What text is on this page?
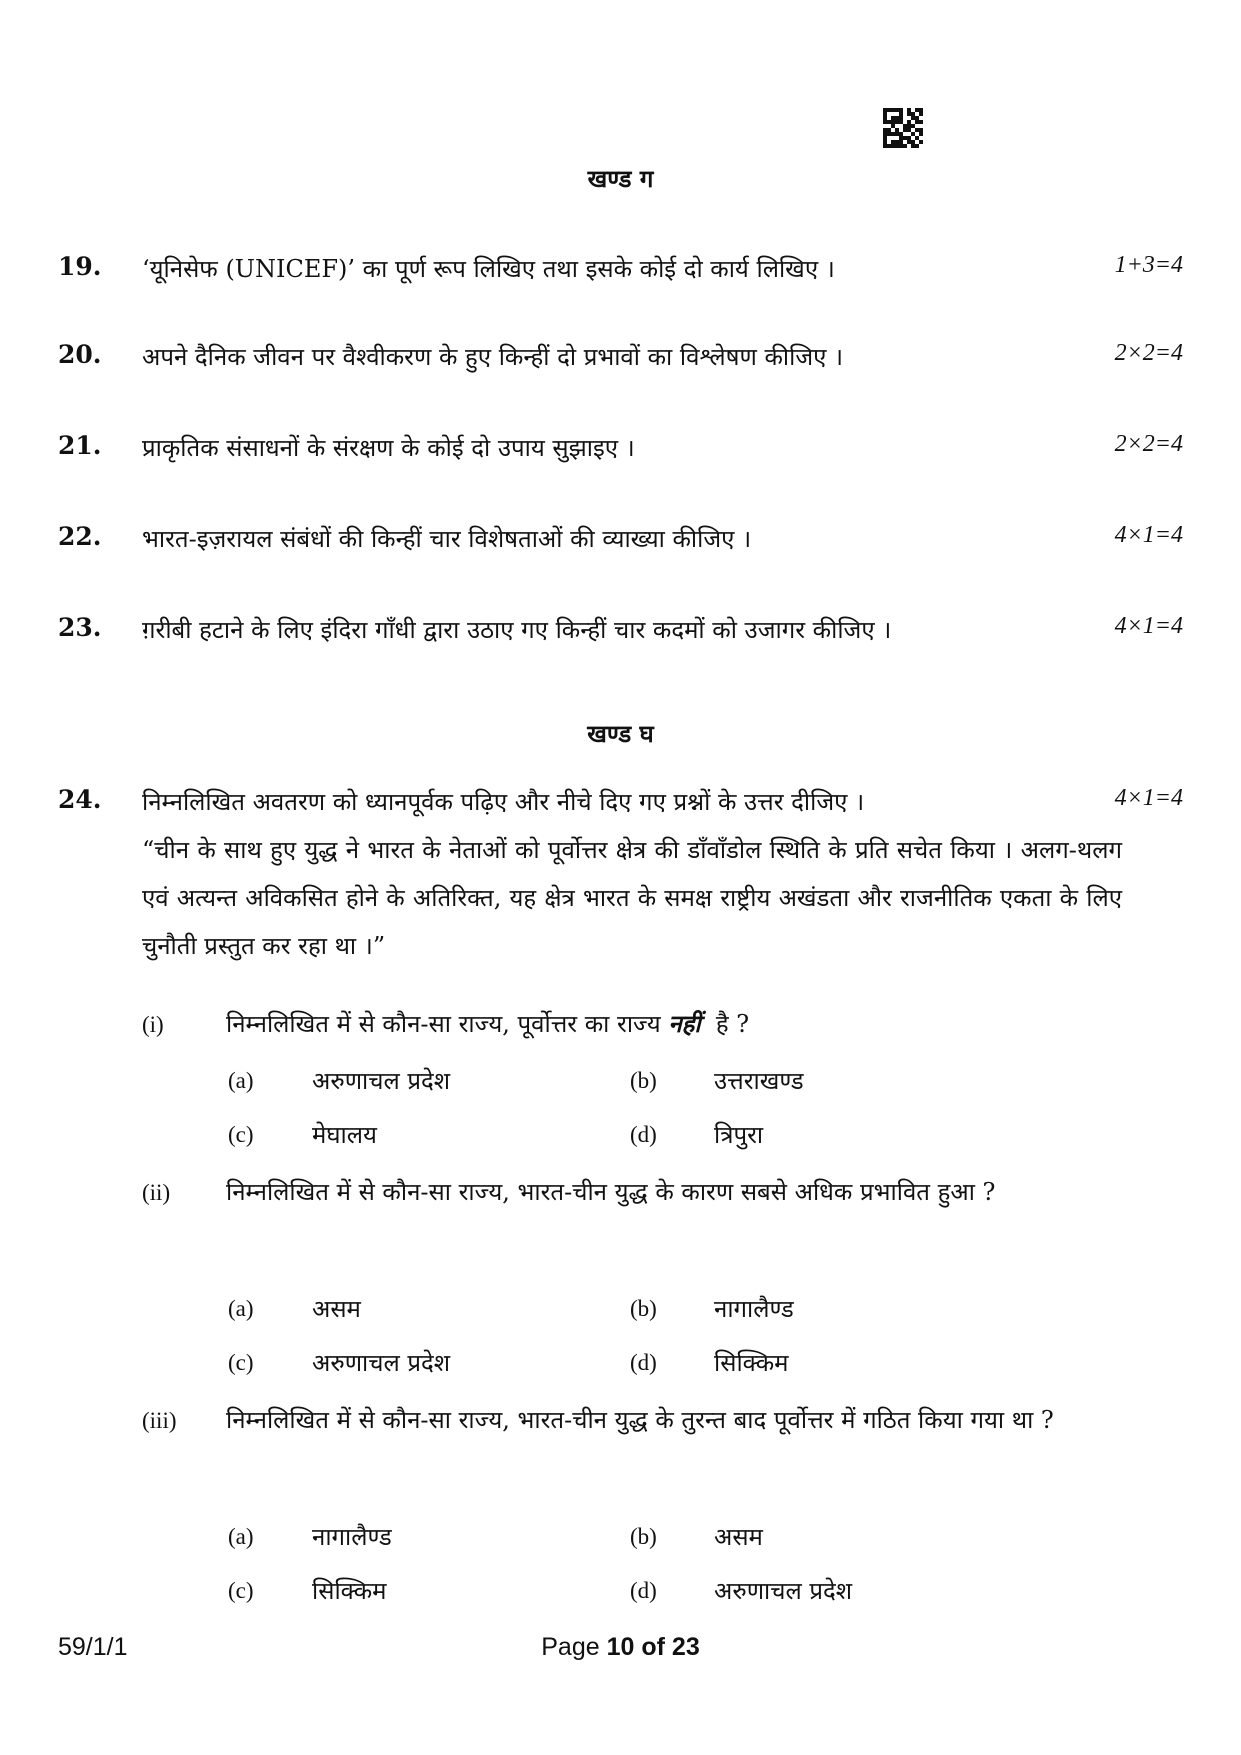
खण्ड ग
19. ‘यूनिसेफ (UNICEF)’ का पूर्ण रूप लिखिए तथा इसके कोई दो कार्य लिखिए ।	1+3=4
20. अपने दैनिक जीवन पर वैश्वीकरण के हुए किन्हीं दो प्रभावों का विश्लेषण कीजिए ।	2×2=4
21. प्राकृतिक संसाधनों के संरक्षण के कोई दो उपाय सुझाइए ।	2×2=4
22. भारत-इज़रायल संबंधों की किन्हीं चार विशेषताओं की व्याख्या कीजिए ।	4×1=4
23. ग़रीबी हटाने के लिए इंदिरा गाँधी द्वारा उठाए गए किन्हीं चार कदमों को उजागर कीजिए ।	4×1=4
खण्ड घ
24. निम्नलिखित अवतरण को ध्यानपूर्वक पढ़िए और नीचे दिए गए प्रश्नों के उत्तर दीजिए ।	4×1=4
“चीन के साथ हुए युद्ध ने भारत के नेताओं को पूर्वोत्तर क्षेत्र की डाँवाँडोल स्थिति के प्रति सचेत किया । अलग-थलग एवं अत्यन्त अविकसित होने के अतिरिक्त, यह क्षेत्र भारत के समक्ष राष्ट्रीय अखंडता और राजनीतिक एकता के लिए चुनौती प्रस्तुत कर रहा था ।”
(i)	निम्नलिखित में से कौन-सा राज्य, पूर्वोत्तर का राज्य नहीं है ?
(a) अरुणाचल प्रदेश	(b) उत्तराखण्ड
(c) मेघालय	(d) त्रिपुरा
(ii) निम्नलिखित में से कौन-सा राज्य, भारत-चीन युद्ध के कारण सबसे अधिक प्रभावित हुआ ?
(a) असम	(b) नागालैण्ड
(c) अरुणाचल प्रदेश	(d) सिक्किम
(iii) निम्नलिखित में से कौन-सा राज्य, भारत-चीन युद्ध के तुरन्त बाद पूर्वोत्तर में गठित किया गया था ?
(a) नागालैण्ड	(b) असम
(c) सिक्किम	(d) अरुणाचल प्रदेश
59/1/1	Page 10 of 23
